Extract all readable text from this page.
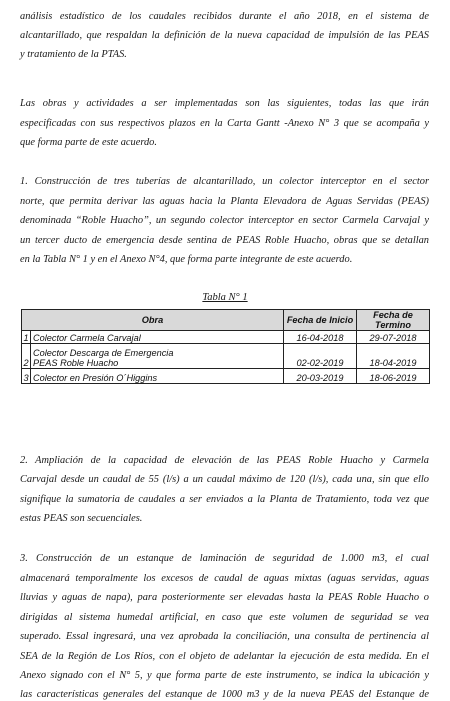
análisis estadístico de los caudales recibidos durante el año 2018, en el sistema de
alcantarillado, que respaldan la definición de la nueva capacidad de impulsión de las PEAS
y tratamiento de la PTAS.
Las obras y actividades a ser implementadas son las siguientes, todas las que irán
especificadas con sus respectivos plazos en la Carta Gantt -Anexo N° 3 que se acompaña y
que forma parte de este acuerdo.
1. Construcción de tres tuberías de alcantarillado, un colector interceptor en el sector
norte, que permita derivar las aguas hacia la Planta Elevadora de Aguas Servidas (PEAS)
denominada “Roble Huacho”, un segundo colector interceptor en sector Carmela Carvajal y
un tercer ducto de emergencia desde sentina de PEAS Roble Huacho, obras que se detallan
en la Tabla N° 1 y en el Anexo N°4, que forma parte integrante de este acuerdo.
Tabla N° 1
Obra		Fecha de Inicio	Fecha de Termino
1	Colector Carmela Carvajal	16-04-2018	29-07-2018
2	Colector Descarga de Emergencia PEAS Roble Huacho	02-02-2019	18-04-2019
3	Colector en Presión O´Higgins	20-03-2019	18-06-2019
2. Ampliación de la capacidad de elevación de las PEAS Roble Huacho y Carmela
Carvajal desde un caudal de 55 (l/s) a un caudal máximo de 120 (l/s), cada una, sin que ello
signifique la sumatoria de caudales a ser enviados a la Planta de Tratamiento, toda vez que
estas PEAS son secuenciales.
3. Construcción de un estanque de laminación de seguridad de 1.000 m3, el cual
almacenará temporalmente los excesos de caudal de aguas mixtas (aguas servidas, aguas
lluvias y aguas de napa), para posteriormente ser elevadas hasta la PEAS Roble Huacho o
dirigidas al sistema humedal artificial, en caso que este volumen de seguridad se vea
superado. Essal ingresará, una vez aprobada la conciliación, una consulta de pertinencia al
SEA de la Región de Los Ríos, con el objeto de adelantar la ejecución de esta medida. En el
Anexo signado con el N° 5, y que forma parte de este instrumento, se indica la ubicación y
las características generales del estanque de 1000 m3 y de la nueva PEAS del Estanque de
